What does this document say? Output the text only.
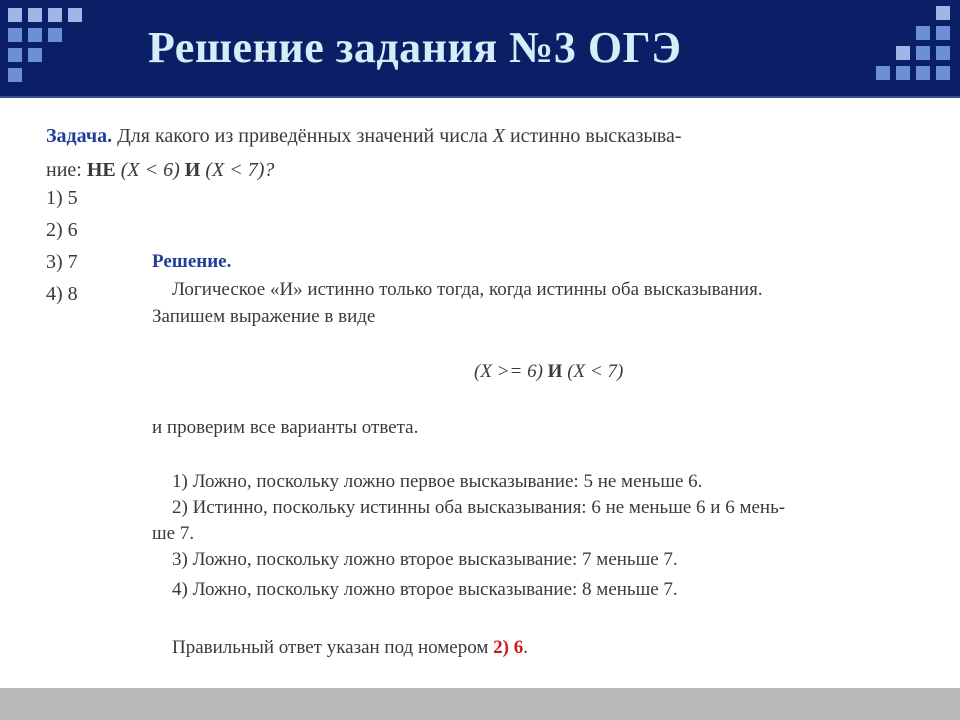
Решение задания №3 ОГЭ
Задача. Для какого из приведённых значений числа X истинно высказыва-
ние: НЕ (X < 6) И (X < 7)?
1) 5
2) 6
3) 7
4) 8
Решение.
Логическое «И» истинно только тогда, когда истинны оба высказывания.
Запишем выражение в виде
(X >= 6) И (X < 7)
и проверим все варианты ответа.
1) Ложно, поскольку ложно первое высказывание: 5 не меньше 6.
2) Истинно, поскольку истинны оба высказывания: 6 не меньше 6 и 6 мень-
ше 7.
3) Ложно, поскольку ложно второе высказывание: 7 меньше 7.
4) Ложно, поскольку ложно второе высказывание: 8 меньше 7.
Правильный ответ указан под номером 2) 6.
